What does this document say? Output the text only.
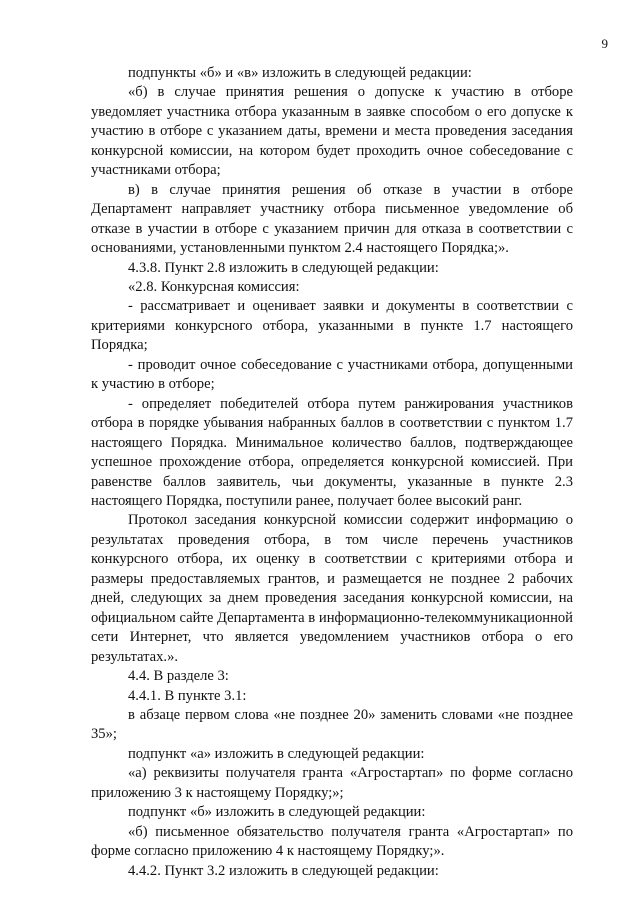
9

подпункты «б» и «в» изложить в следующей редакции:

«б) в случае принятия решения о допуске к участию в отборе уведомляет участника отбора указанным в заявке способом о его допуске к участию в отборе с указанием даты, времени и места проведения заседания конкурсной комиссии, на котором будет проходить очное собеседование с участниками отбора;

в) в случае принятия решения об отказе в участии в отборе Департамент направляет участнику отбора письменное уведомление об отказе в участии в отборе с указанием причин для отказа в соответствии с основаниями, установленными пунктом 2.4 настоящего Порядка;».

4.3.8. Пункт 2.8 изложить в следующей редакции:

«2.8. Конкурсная комиссия:

- рассматривает и оценивает заявки и документы в соответствии с критериями конкурсного отбора, указанными в пункте 1.7 настоящего Порядка;

- проводит очное собеседование с участниками отбора, допущенными к участию в отборе;

- определяет победителей отбора путем ранжирования участников отбора в порядке убывания набранных баллов в соответствии с пунктом 1.7 настоящего Порядка. Минимальное количество баллов, подтверждающее успешное прохождение отбора, определяется конкурсной комиссией. При равенстве баллов заявитель, чьи документы, указанные в пункте 2.3 настоящего Порядка, поступили ранее, получает более высокий ранг.

Протокол заседания конкурсной комиссии содержит информацию о результатах проведения отбора, в том числе перечень участников конкурсного отбора, их оценку в соответствии с критериями отбора и размеры предоставляемых грантов, и размещается не позднее 2 рабочих дней, следующих за днем проведения заседания конкурсной комиссии, на официальном сайте Департамента в информационно-телекоммуникационной сети Интернет, что является уведомлением участников отбора о его результатах.».

4.4. В разделе 3:

4.4.1. В пункте 3.1:

в абзаце первом слова «не позднее 20» заменить словами «не позднее 35»;

подпункт «а» изложить в следующей редакции:

«а) реквизиты получателя гранта «Агростартап» по форме согласно приложению 3 к настоящему Порядку;»;

подпункт «б» изложить в следующей редакции:

«б) письменное обязательство получателя гранта «Агростартап» по форме согласно приложению 4 к настоящему Порядку;».

4.4.2. Пункт 3.2 изложить в следующей редакции:
